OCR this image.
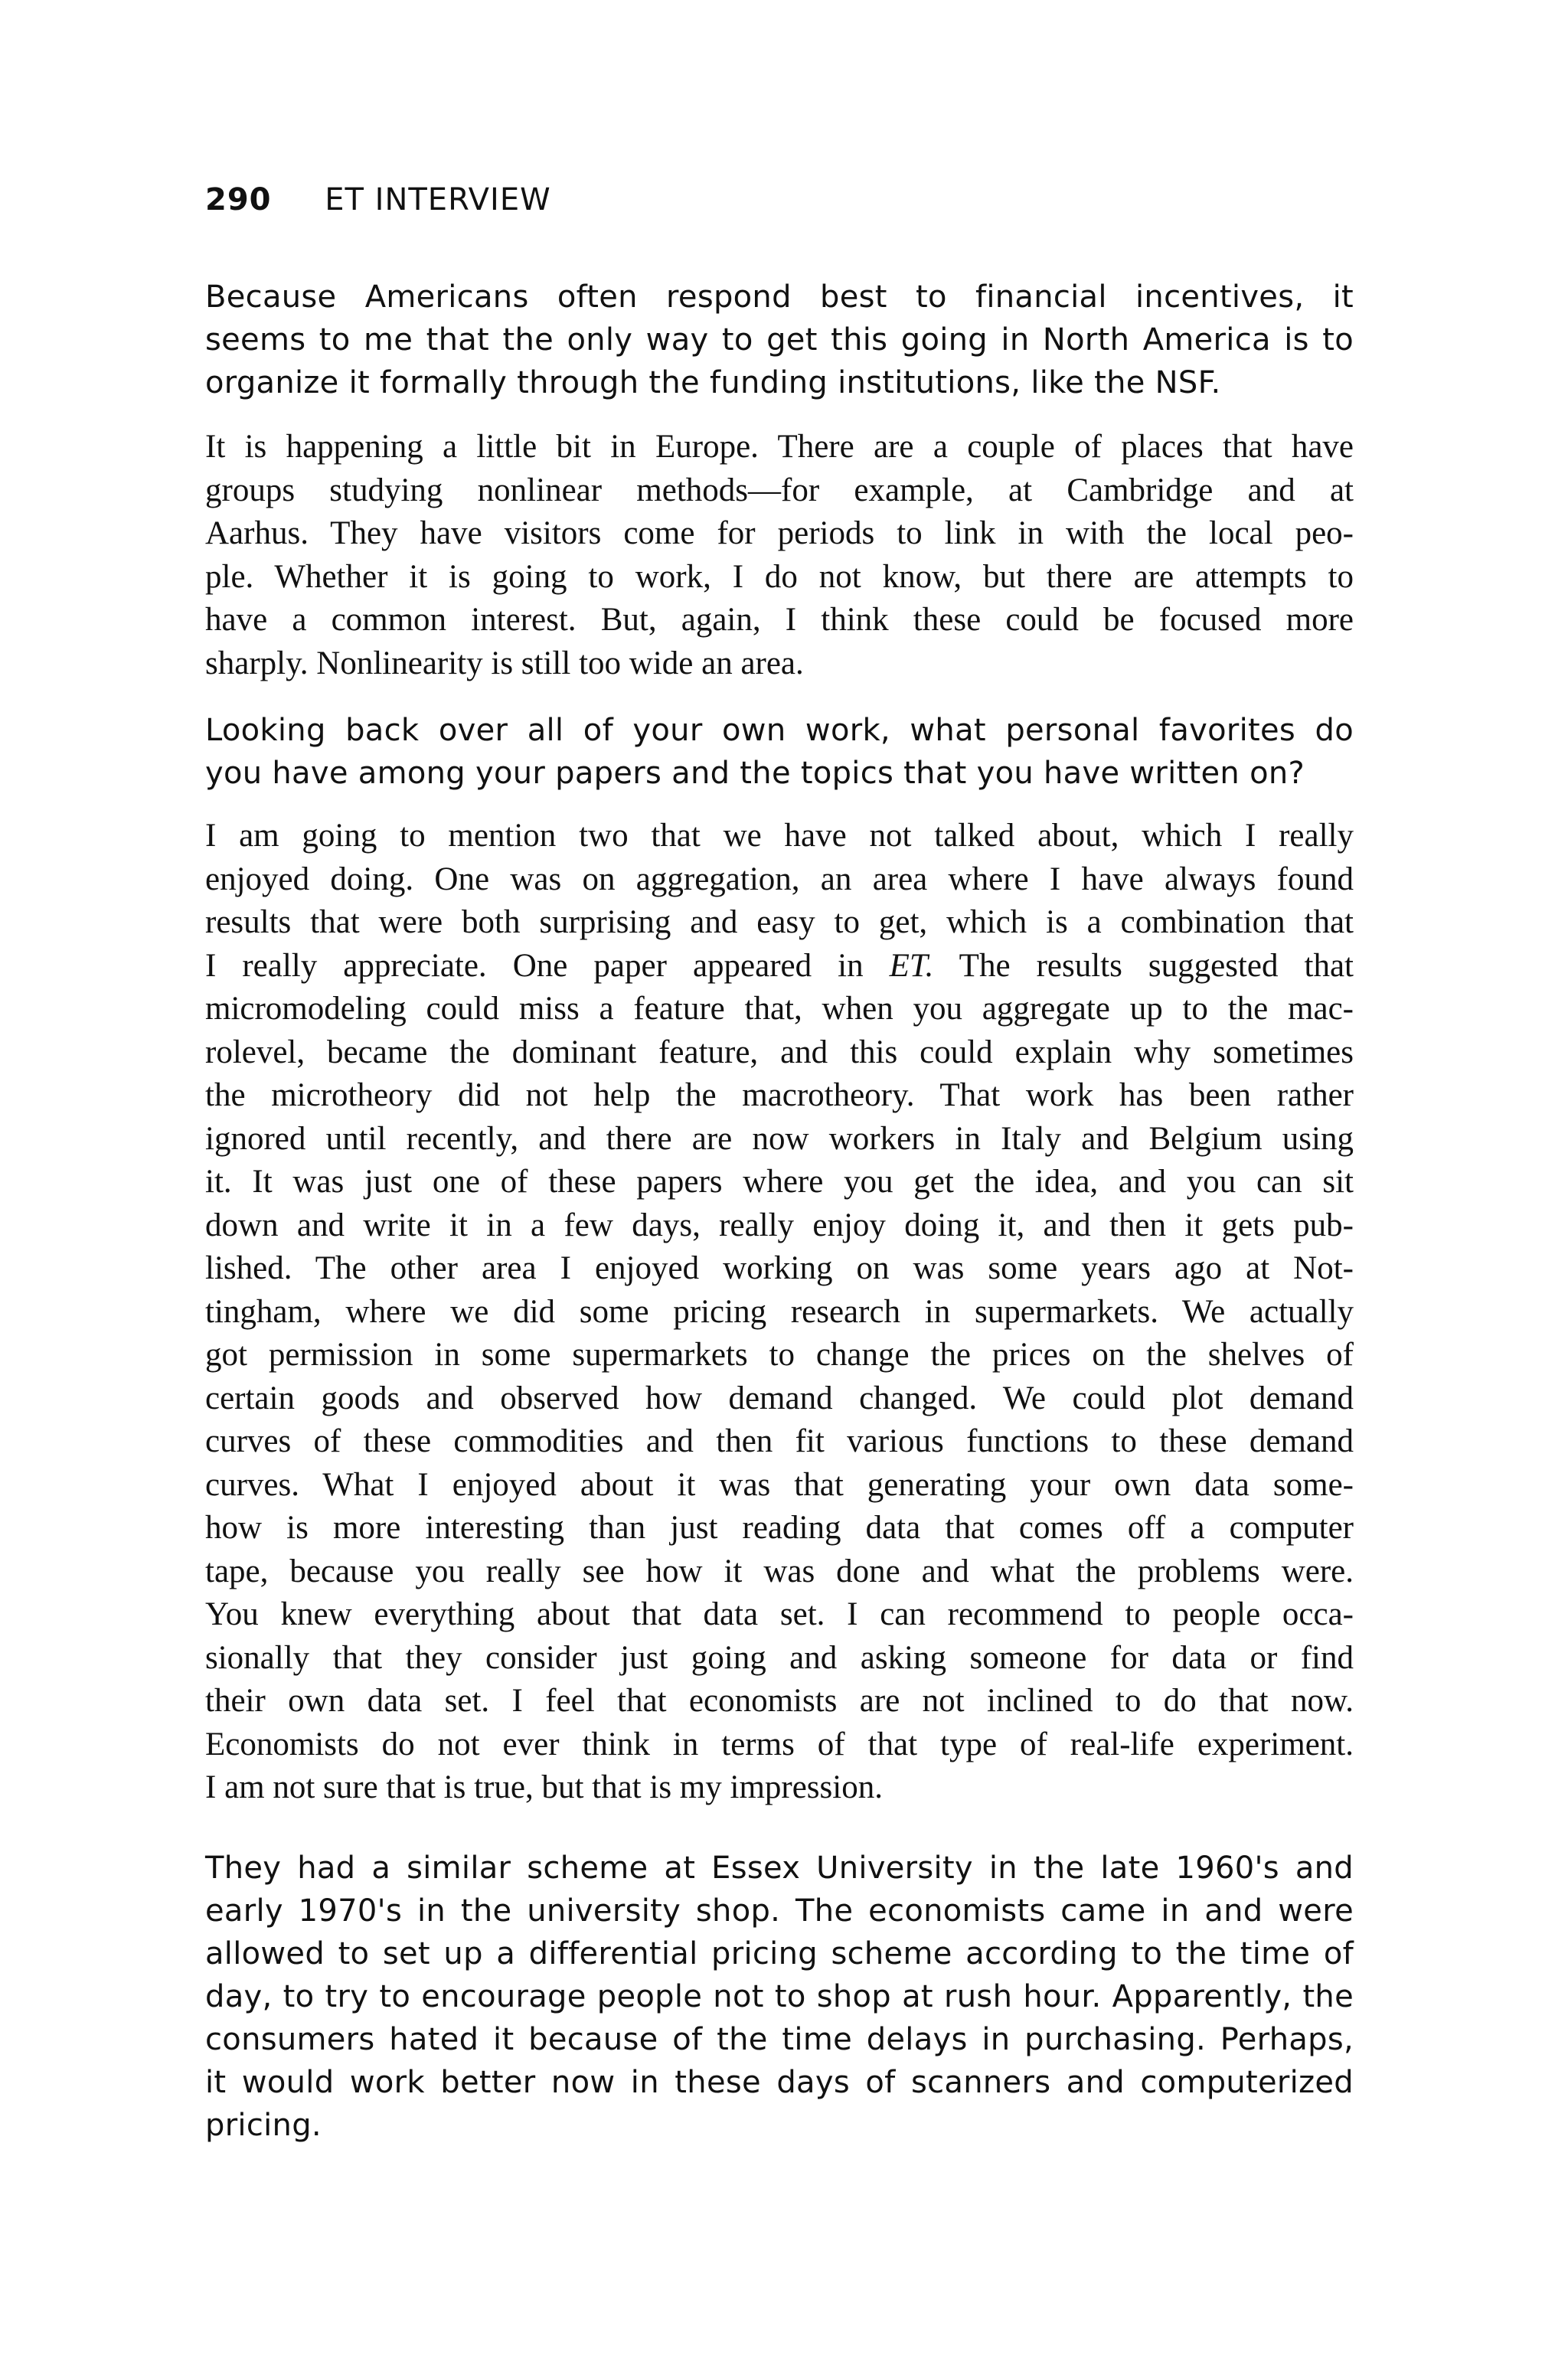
290 ET INTERVIEW
Because Americans often respond best to financial incentives, it
seems to me that the only way to get this going in North America is to
organize it formally through the funding institutions, like the NSF.
It is happening a little bit in Europe. There are a couple of places that have
groups studying nonlinear methods—for example, at Cambridge and at
Aarhus. They have visitors come for periods to link in with the local peo-
ple. Whether it is going to work, I do not know, but there are attempts to
have a common interest. But, again, I think these could be focused more
sharply. Nonlinearity is still too wide an area.
Looking back over all of your own work, what personal favorites do
you have among your papers and the topics that you have written on?
I am going to mention two that we have not talked about, which I really
enjoyed doing. One was on aggregation, an area where I have always found
results that were both surprising and easy to get, which is a combination that
I really appreciate. One paper appeared in ET. The results suggested that
micromodeling could miss a feature that, when you aggregate up to the mac-
rolevel, became the dominant feature, and this could explain why sometimes
the microtheory did not help the macrotheory. That work has been rather
ignored until recently, and there are now workers in Italy and Belgium using
it. It was just one of these papers where you get the idea, and you can sit
down and write it in a few days, really enjoy doing it, and then it gets pub-
lished. The other area I enjoyed working on was some years ago at Not-
tingham, where we did some pricing research in supermarkets. We actually
got permission in some supermarkets to change the prices on the shelves of
certain goods and observed how demand changed. We could plot demand
curves of these commodities and then fit various functions to these demand
curves. What I enjoyed about it was that generating your own data some-
how is more interesting than just reading data that comes off a computer
tape, because you really see how it was done and what the problems were.
You knew everything about that data set. I can recommend to people occa-
sionally that they consider just going and asking someone for data or find
their own data set. I feel that economists are not inclined to do that now.
Economists do not ever think in terms of that type of real-life experiment.
I am not sure that is true, but that is my impression.
They had a similar scheme at Essex University in the late 1960's and
early 1970's in the university shop. The economists came in and were
allowed to set up a differential pricing scheme according to the time of
day, to try to encourage people not to shop at rush hour. Apparently, the
consumers hated it because of the time delays in purchasing. Perhaps,
it would work better now in these days of scanners and computerized
pricing.
